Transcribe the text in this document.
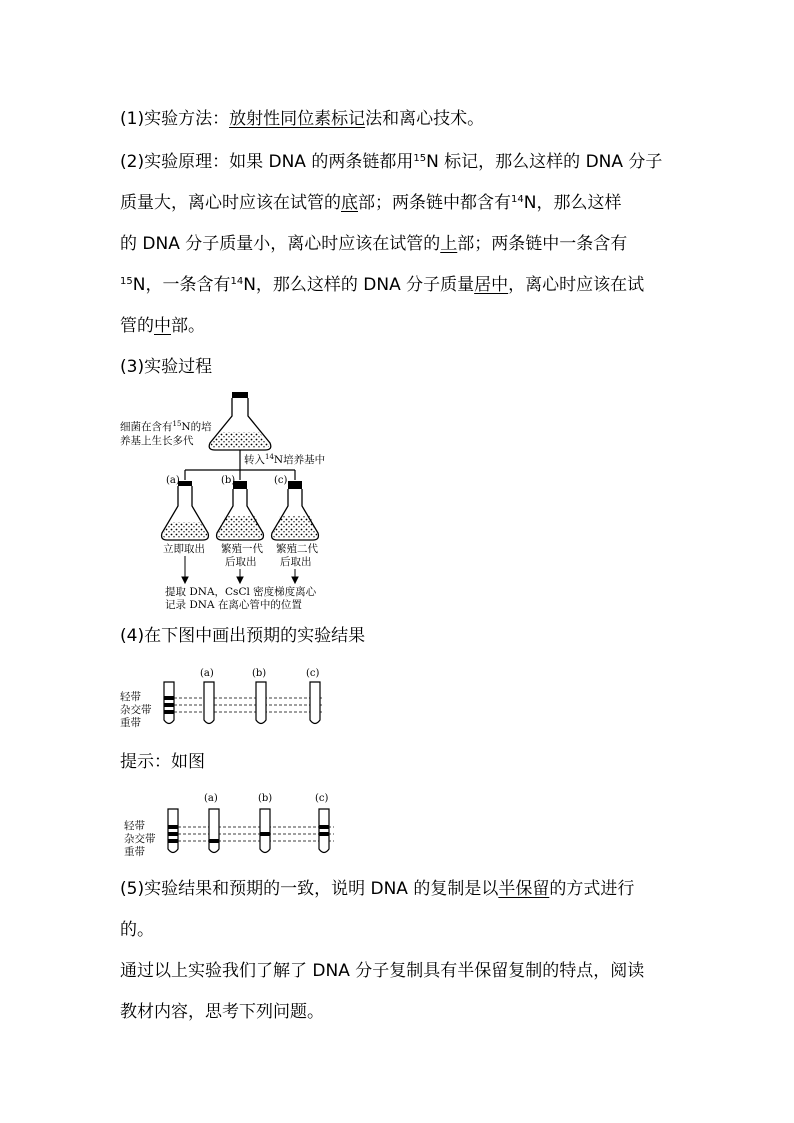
(1)实验方法：放射性同位素标记法和离心技术。
(2)实验原理：如果 DNA 的两条链都用$^{15}$N 标记，那么这样的 DNA 分子
质量大，离心时应该在试管的底部；两条链中都含有$^{14}$N，那么这样
的 DNA 分子质量小，离心时应该在试管的上部；两条链中一条含有
$^{15}$N，一条含有$^{14}$N，那么这样的 DNA 分子质量居中，离心时应该在试
管的中部。
(3)实验过程
细菌在含有$^{15}$N的培
养基上生长多代
转入$^{14}$N培养基中
(a)	(b)	(c)
立即取出 繁殖一代
后取出
繁殖二代
后取出
提取 DNA，CsCl 密度梯度离心
记录 DNA 在离心管中的位置
(4)在下图中画出预期的实验结果
轻带
杂交带
重带
(a)	(b)	(c)
提示：如图
轻带
杂交带
重带
(a)	(b)	(c)
(5)实验结果和预期的一致，说明 DNA 的复制是以半保留的方式进行
的。
通过以上实验我们了解了 DNA 分子复制具有半保留复制的特点，阅读
教材内容，思考下列问题。
